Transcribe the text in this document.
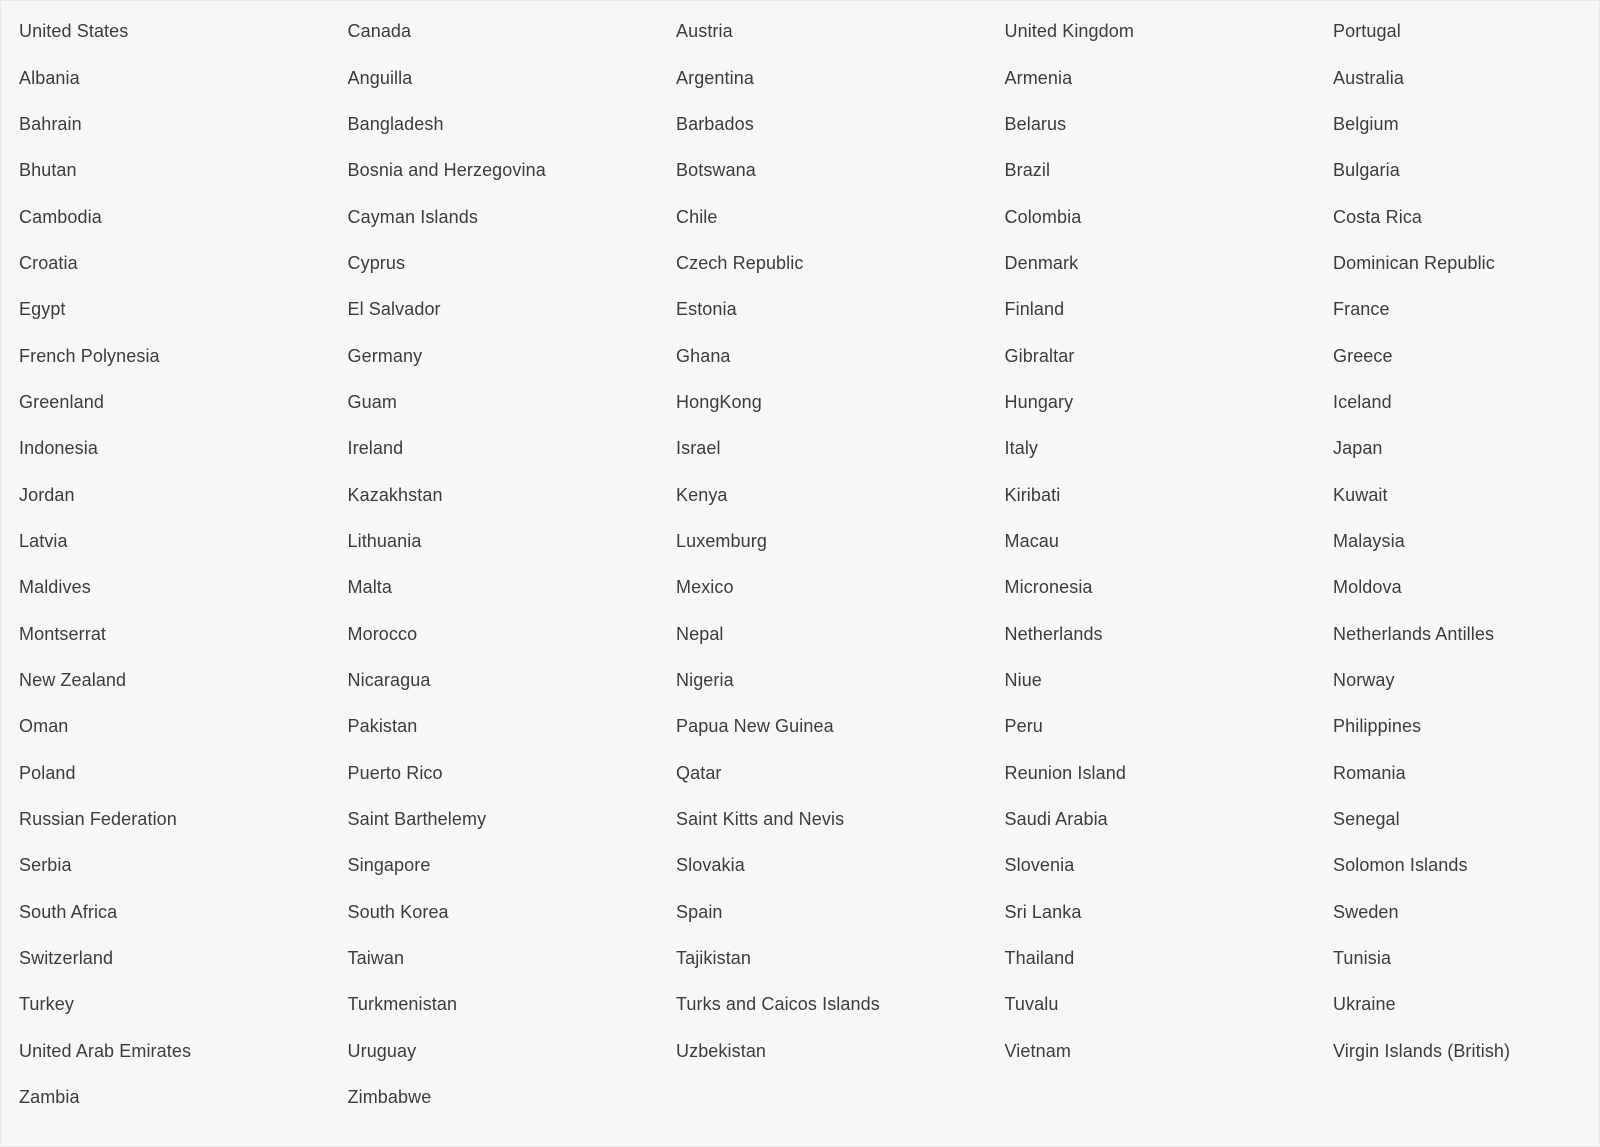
United States	Canada	Austria	United Kingdom	Portugal
Albania	Anguilla	Argentina	Armenia	Australia
Bahrain	Bangladesh	Barbados	Belarus	Belgium
Bhutan	Bosnia and Herzegovina	Botswana	Brazil	Bulgaria
Cambodia	Cayman Islands	Chile	Colombia	Costa Rica
Croatia	Cyprus	Czech Republic	Denmark	Dominican Republic
Egypt	El Salvador	Estonia	Finland	France
French Polynesia	Germany	Ghana	Gibraltar	Greece
Greenland	Guam	HongKong	Hungary	Iceland
Indonesia	Ireland	Israel	Italy	Japan
Jordan	Kazakhstan	Kenya	Kiribati	Kuwait
Latvia	Lithuania	Luxemburg	Macau	Malaysia
Maldives	Malta	Mexico	Micronesia	Moldova
Montserrat	Morocco	Nepal	Netherlands	Netherlands Antilles
New Zealand	Nicaragua	Nigeria	Niue	Norway
Oman	Pakistan	Papua New Guinea	Peru	Philippines
Poland	Puerto Rico	Qatar	Reunion Island	Romania
Russian Federation	Saint Barthelemy	Saint Kitts and Nevis	Saudi Arabia	Senegal
Serbia	Singapore	Slovakia	Slovenia	Solomon Islands
South Africa	South Korea	Spain	Sri Lanka	Sweden
Switzerland	Taiwan	Tajikistan	Thailand	Tunisia
Turkey	Turkmenistan	Turks and Caicos Islands	Tuvalu	Ukraine
United Arab Emirates	Uruguay	Uzbekistan	Vietnam	Virgin Islands (British)
Zambia	Zimbabwe
